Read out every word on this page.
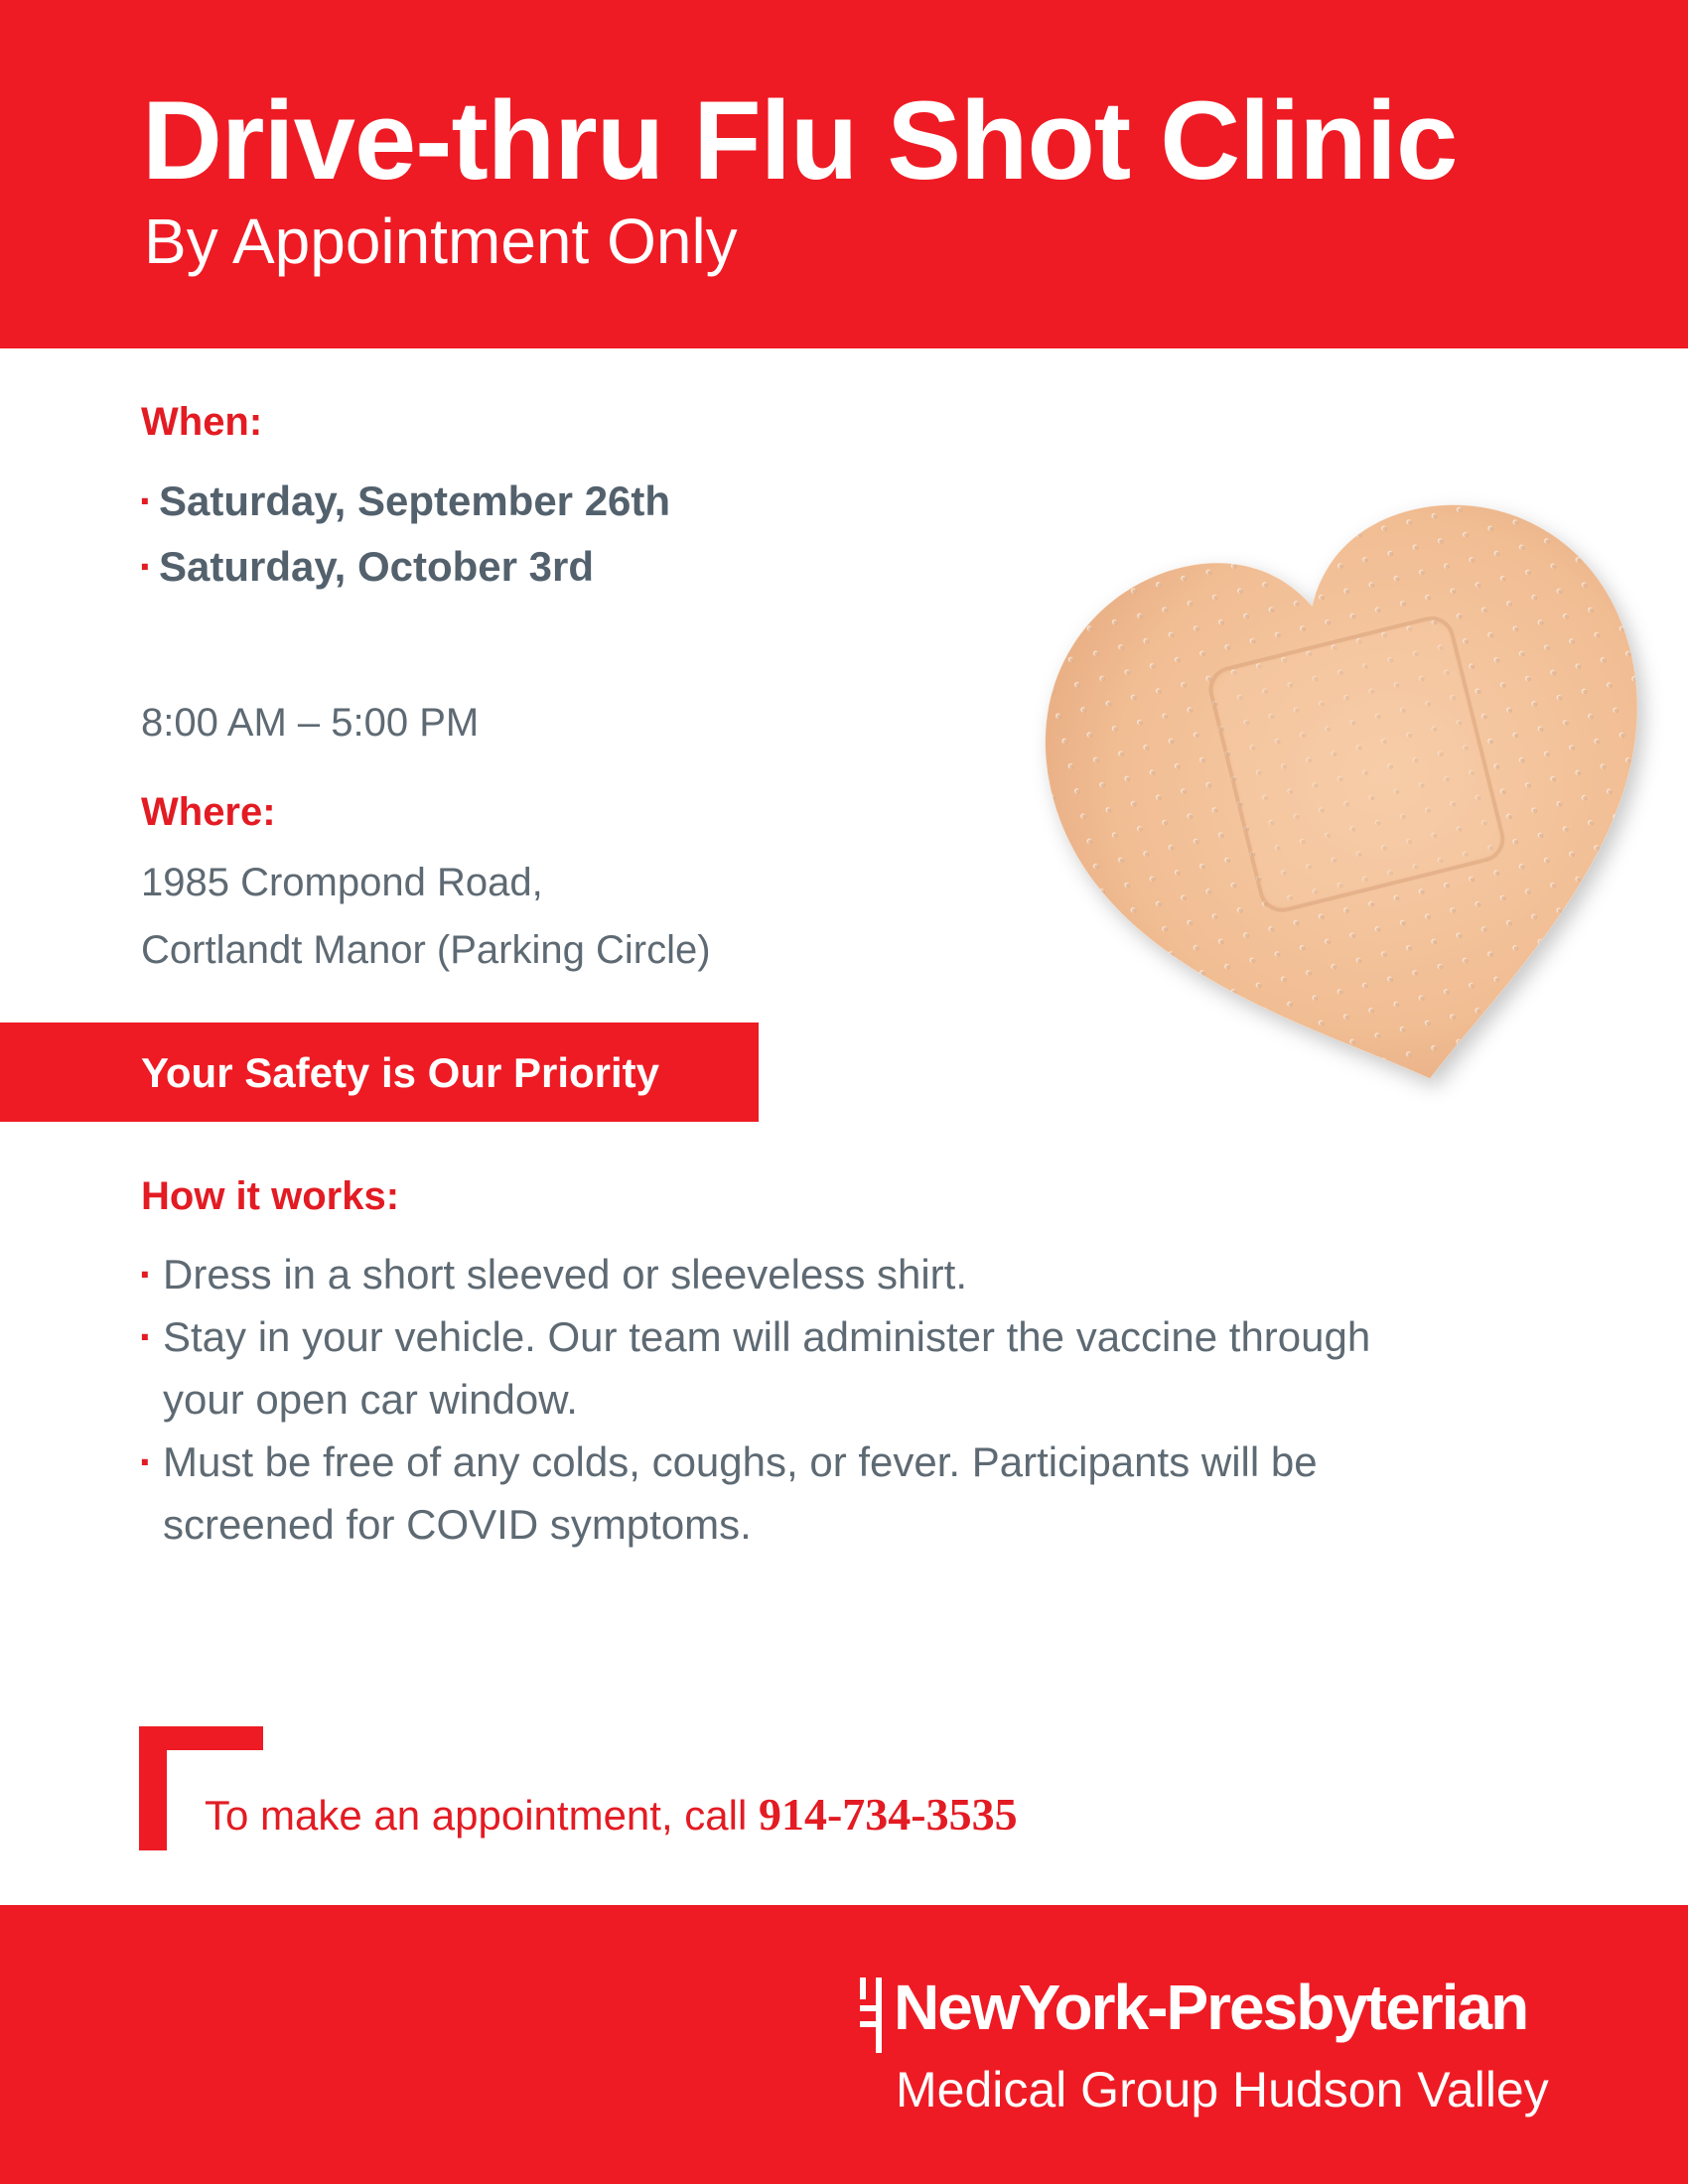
Drive-thru Flu Shot Clinic
By Appointment Only
When:
· Saturday, September 26th
· Saturday, October 3rd
8:00 AM – 5:00 PM
Where:
1985 Crompond Road,
Cortlandt Manor (Parking Circle)
Your Safety is Our Priority
How it works:
· Dress in a short sleeved or sleeveless shirt.
· Stay in your vehicle. Our team will administer the vaccine through your open car window.
· Must be free of any colds, coughs, or fever. Participants will be screened for COVID symptoms.
To make an appointment, call 914-734-3535
NewYork-Presbyterian
Medical Group Hudson Valley
